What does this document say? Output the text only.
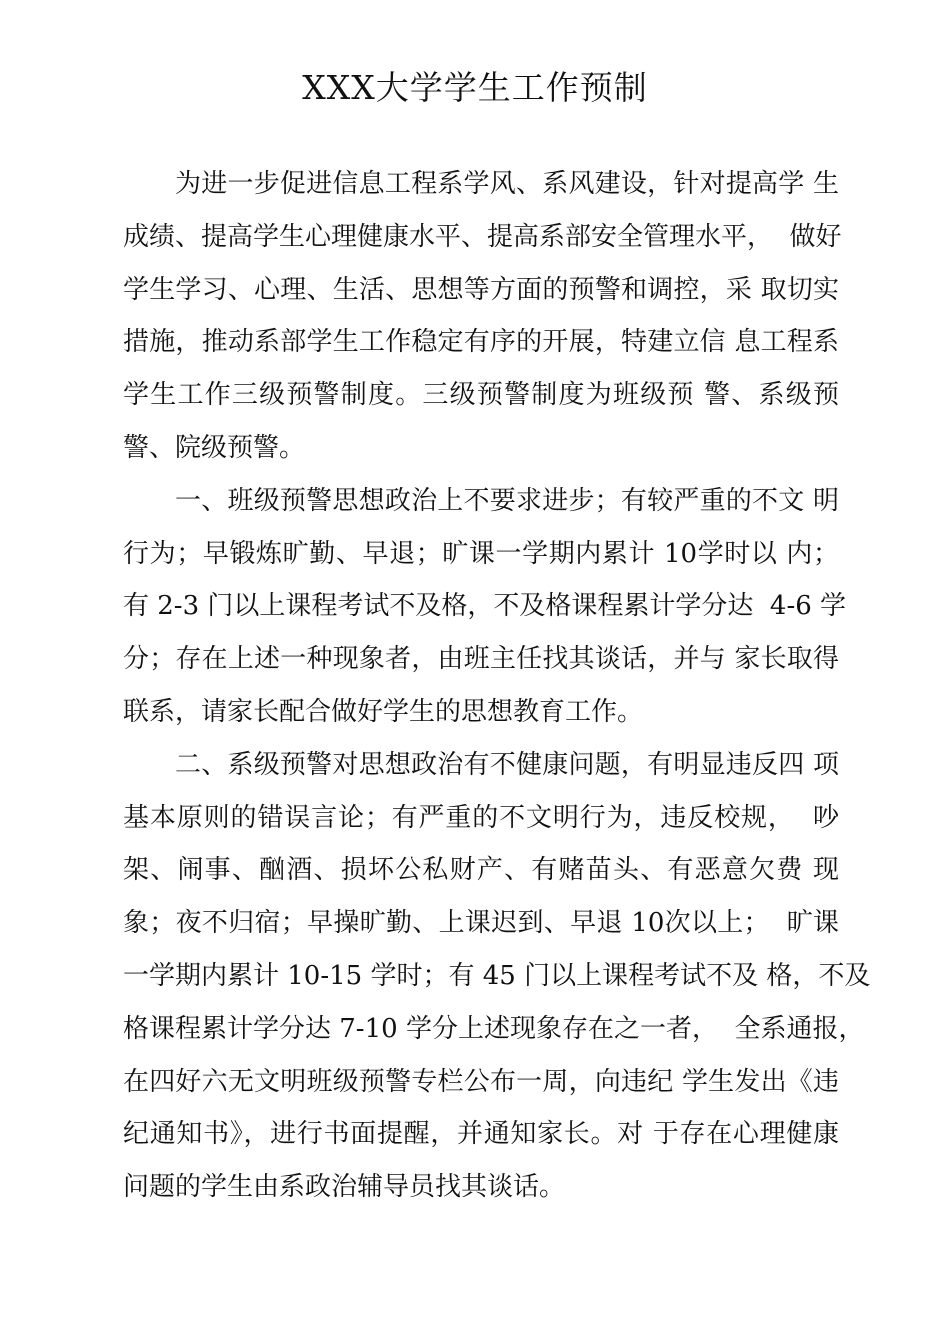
XXX大学学生工作预制
为进一步促进信息工程系学风、系风建设，针对提高学 生
成绩、提高学生心理健康水平、提高系部安全管理水平，  做好
学生学习、心理、生活、思想等方面的预警和调控，采 取切实
措施，推动系部学生工作稳定有序的开展，特建立信 息工程系
学生工作三级预警制度。三级预警制度为班级预 警、系级预
警、院级预警。
一、班级预警思想政治上不要求进步；有较严重的不文 明
行为；早锻炼旷勤、早退；旷课一学期内累计 10学时以 内；
有 2-3 门以上课程考试不及格，不及格课程累计学分达  4-6 学
分；存在上述一种现象者，由班主任找其谈话，并与 家长取得
联系，请家长配合做好学生的思想教育工作。
二、系级预警对思想政治有不健康问题，有明显违反四 项
基本原则的错误言论；有严重的不文明行为，违反校规，  吵
架、闹事、酗酒、损坏公私财产、有赌苗头、有恶意欠费 现
象；夜不归宿；早操旷勤、上课迟到、早退 10次以上；  旷课
一学期内累计 10-15 学时；有 45 门以上课程考试不及 格，不及
格课程累计学分达 7-10 学分上述现象存在之一者，  全系通报，
在四好六无文明班级预警专栏公布一周，向违纪 学生发出《违
纪通知书》，进行书面提醒，并通知家长。对 于存在心理健康
问题的学生由系政治辅导员找其谈话。
